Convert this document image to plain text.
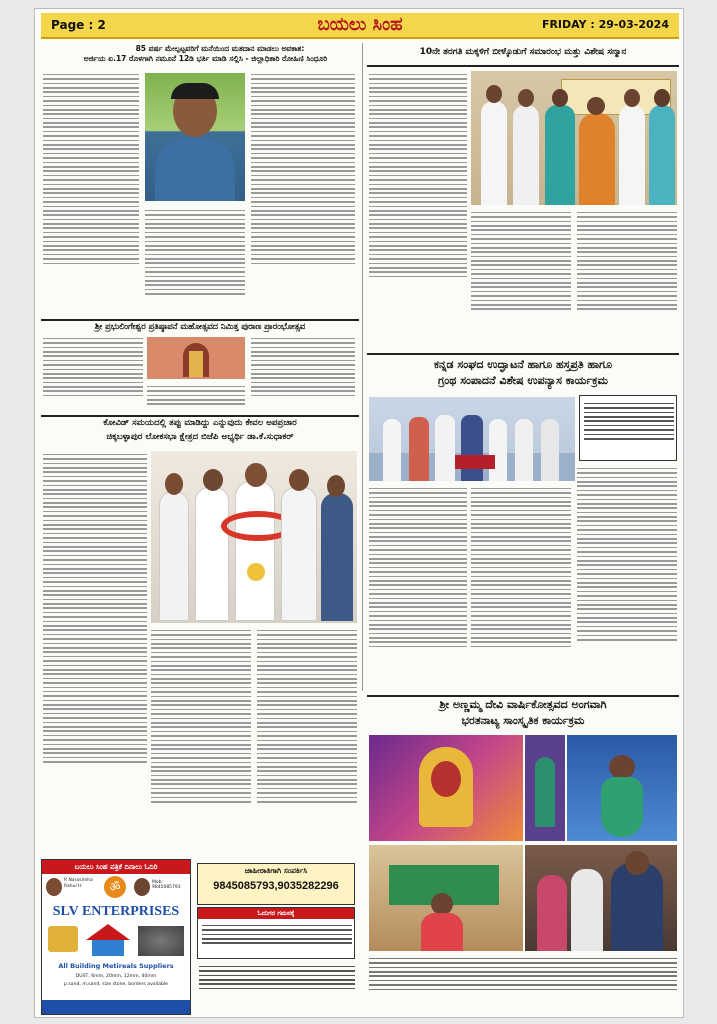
Page : 2	ಬಯಲು ಸಿಂಹ	FRIDAY : 29-03-2024
85 ವರ್ಷ ಮೇಲ್ಪಟ್ಟವರಿಗೆ ಮನೆಯಿಂದ ಮತದಾನ ಮಾಡಲು ಅವಕಾಶ:
ಅರ್ಜಿಯ ಏ.17 ರೊಳಗಾಗಿ ನಮೂನೆ 12ಡಿ ಭರ್ತಿ ಮಾಡಿ ಸಲ್ಲಿಸಿ - ಜಿಲ್ಲಾಧಿಕಾರಿ ರೋಹಿಣಿ ಸಿಂಧೂರಿ
ಶ್ರೀ ಪ್ರಭುಲಿಂಗೇಶ್ವರ ಪ್ರತಿಷ್ಠಾಪನೆ ಮಹೋತ್ಸವದ ನಿಮಿತ್ತ ಪುರಾಣ ಪ್ರಾರಂಭೋತ್ಸವ
ಕೋವಿಡ್ ಸಮಯದಲ್ಲಿ ತಪ್ಪು ಮಾಡಿದ್ದು ಎನ್ನುವುದು ಕೇವಲ ಅಪಪ್ರಚಾರ
ಚಿಕ್ಕಬಳ್ಳಾಪುರ ಲೋಕಸಭಾ ಕ್ಷೇತ್ರದ ಬಿಜೆಪಿ ಅಭ್ಯರ್ಥಿ ಡಾ.ಕೆ.ಸುಧಾಕರ್
10ನೇ ತರಗತಿ ಮಕ್ಕಳಿಗೆ ಬೀಳ್ಕೊಡುಗೆ ಸಮಾರಂಭ ಮತ್ತು ವಿಶೇಷ ಸನ್ಮಾನ
ಕನ್ನಡ ಸಂಘದ ಉದ್ಘಾಟನೆ ಹಾಗೂ ಹಸ್ತಪ್ರತಿ ಹಾಗೂ
ಗ್ರಂಥ ಸಂಪಾದನೆ ವಿಶೇಷ ಉಪನ್ಯಾಸ ಕಾರ್ಯಕ್ರಮ
ಶ್ರೀ ಅಣ್ಣಮ್ಮ ದೇವಿ ವಾರ್ಷಿಕೋತ್ಸವದ ಅಂಗವಾಗಿ
ಭರತನಾಟ್ಯ ಸಾಂಸ್ಕೃತಿಕ ಕಾರ್ಯಕ್ರಮ
ಬಯಲು ಸಿಂಹ ಪತ್ರಿಕೆ ದಿನಾಲು ಓದಿರಿ
R Narasimha
Rahul H	ॐ	Mob: 9845085793
SLV ENTERPRISES
All Building Metireals Suppliers
DUST, 6mm, 20mm, 12mm, 40mm
p.sand, m.sand, size stone, borders available
ಜಾಹೀರಾತಿಗಾಗಿ ಸಂಪರ್ಕಿಸಿ
9845085793,9035282296
ಓದುಗರ ಗಮನಕ್ಕೆ
